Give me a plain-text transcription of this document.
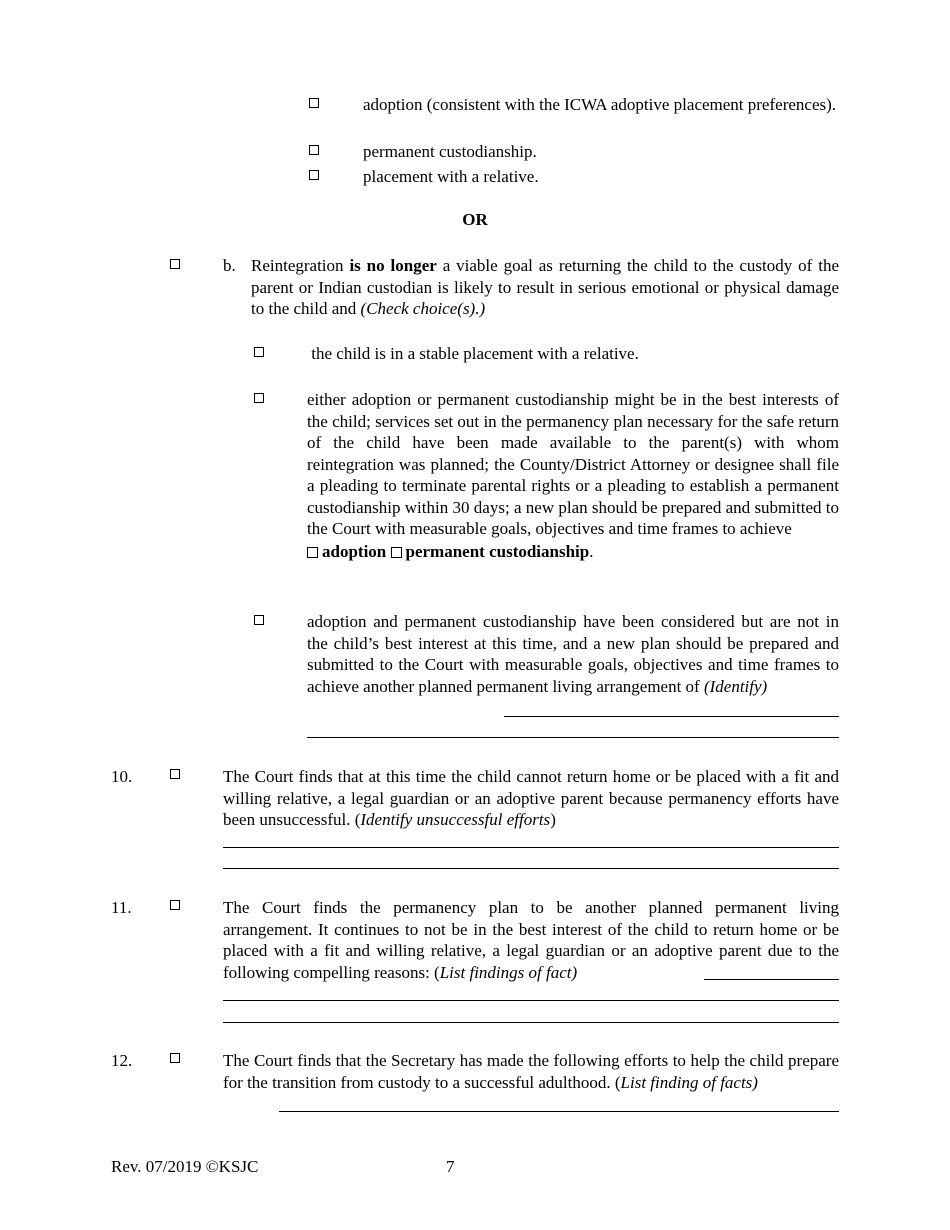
adoption (consistent with the ICWA adoptive placement preferences).
permanent custodianship.
placement with a relative.
OR
b. Reintegration is no longer a viable goal as returning the child to the custody of the parent or Indian custodian is likely to result in serious emotional or physical damage to the child and (Check choice(s).)
the child is in a stable placement with a relative.
either adoption or permanent custodianship might be in the best interests of the child; services set out in the permanency plan necessary for the safe return of the child have been made available to the parent(s) with whom reintegration was planned; the County/District Attorney or designee shall file a pleading to terminate parental rights or a pleading to establish a permanent custodianship within 30 days; a new plan should be prepared and submitted to the Court with measurable goals, objectives and time frames to achieve
adoption permanent custodianship.
adoption and permanent custodianship have been considered but are not in the child’s best interest at this time, and a new plan should be prepared and submitted to the Court with measurable goals, objectives and time frames to achieve another planned permanent living arrangement of (Identify)
10.	The Court finds that at this time the child cannot return home or be placed with a fit and willing relative, a legal guardian or an adoptive parent because permanency efforts have been unsuccessful. (Identify unsuccessful efforts)
11.	The Court finds the permanency plan to be another planned permanent living arrangement. It continues to not be in the best interest of the child to return home or be placed with a fit and willing relative, a legal guardian or an adoptive parent due to the following compelling reasons: (List findings of fact)
12.	The Court finds that the Secretary has made the following efforts to help the child prepare for the transition from custody to a successful adulthood. (List finding of facts)
Rev. 07/2019 ©KSJC	7
